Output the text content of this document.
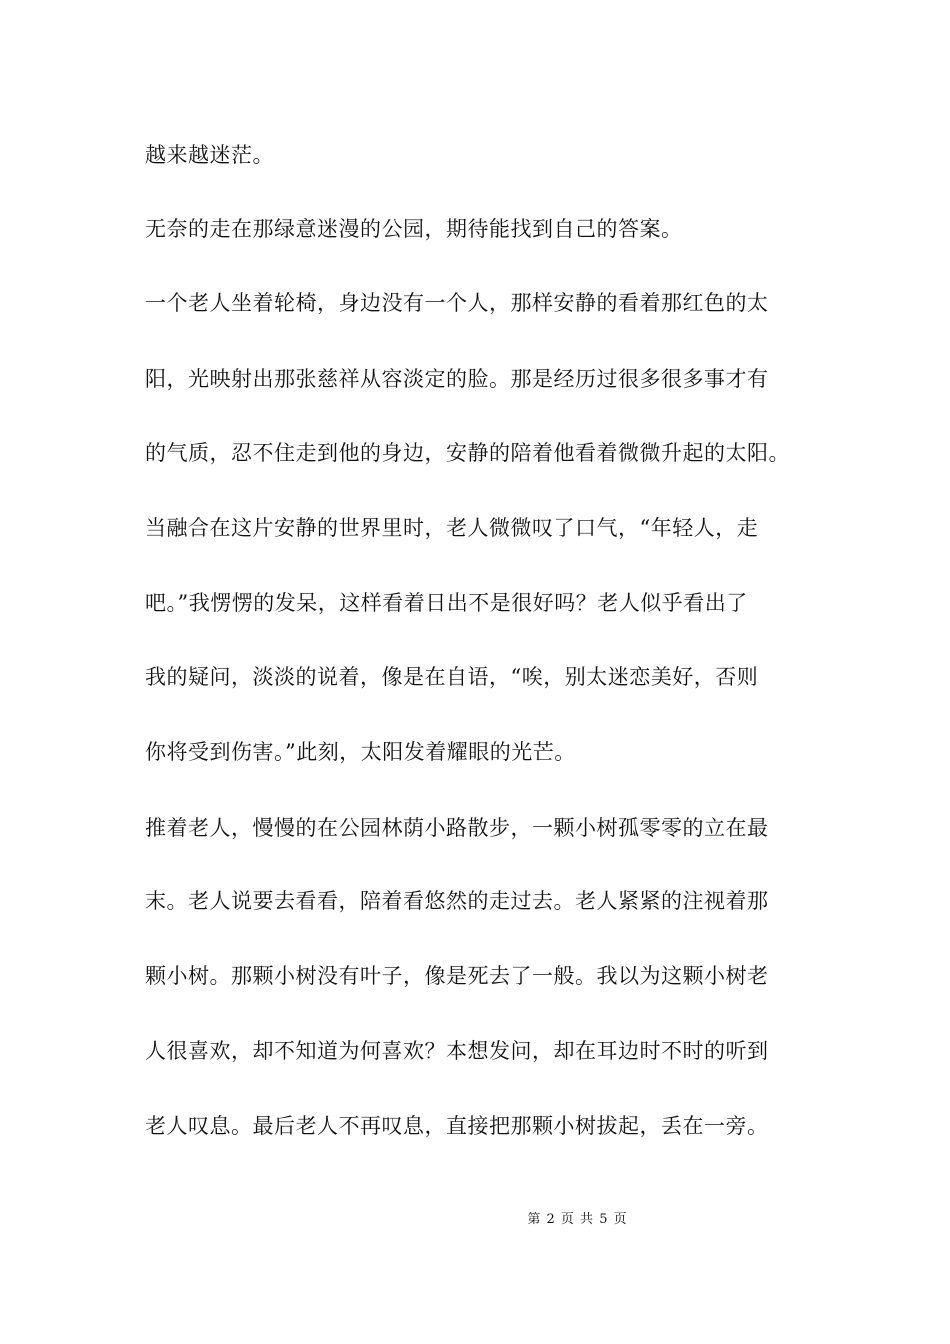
越来越迷茫。
无奈的走在那绿意迷漫的公园，期待能找到自己的答案。
一个老人坐着轮椅，身边没有一个人，那样安静的看着那红色的太
阳，光映射出那张慈祥从容淡定的脸。那是经历过很多很多事才有
的气质，忍不住走到他的身边，安静的陪着他看着微微升起的太阳。
当融合在这片安静的世界里时，老人微微叹了口气，“年轻人，走
吧。”我愣愣的发呆，这样看着日出不是很好吗？老人似乎看出了
我的疑问，淡淡的说着，像是在自语，“唉，别太迷恋美好，否则
你将受到伤害。”此刻，太阳发着耀眼的光芒。
推着老人，慢慢的在公园林荫小路散步，一颗小树孤零零的立在最
末。老人说要去看看，陪着看悠然的走过去。老人紧紧的注视着那
颗小树。那颗小树没有叶子，像是死去了一般。我以为这颗小树老
人很喜欢，却不知道为何喜欢？本想发问，却在耳边时不时的听到
老人叹息。最后老人不再叹息，直接把那颗小树拔起，丢在一旁。
第 2 页 共 5 页
